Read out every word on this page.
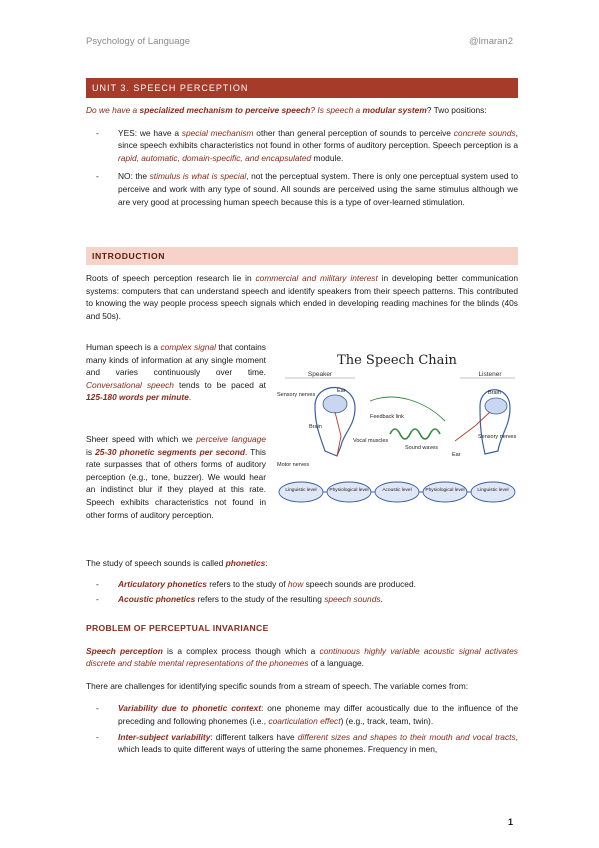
Psychology of Language	@lmaran2
UNIT 3. SPEECH PERCEPTION

Do we have a specialized mechanism to perceive speech? Is speech a modular system? Two positions:

- YES: we have a special mechanism other than general perception of sounds to perceive concrete sounds, since speech exhibits characteristics not found in other forms of auditory perception. Speech perception is a rapid, automatic, domain-specific, and encapsulated module.
- NO: the stimulus is what is special, not the perceptual system. There is only one perceptual system used to perceive and work with any type of sound. All sounds are perceived using the same stimulus although we are very good at processing human speech because this is a type of over-learned stimulation.
INTRODUCTION
Roots of speech perception research lie in commercial and military interest in developing better communication systems: computers that can understand speech and identify speakers from their speech patterns. This contributed to knowing the way people process speech signals which ended in developing reading machines for the blinds (40s and 50s).
Human speech is a complex signal that contains many kinds of information at any single moment and varies continuously over time. Conversational speech tends to be paced at 125-180 words per minute.
Sheer speed with which we perceive language is 25-30 phonetic segments per second. This rate surpasses that of others forms of auditory perception (e.g., tone, buzzer). We would hear an indistinct blur if they played at this rate. Speech exhibits characteristics not found in other forms of auditory perception.
The Speech Chain
Speaker	Listener
Ear
Sensory nerves
Brain
Feedback link
Vocal muscles
Motor nerves
Sound waves
Ear
Brain
Sensory nerves
Linguistic level	Physiological level	Acoustic level	Physiological level	Linguistic level

The study of speech sounds is called phonetics:

- Articulatory phonetics refers to the study of how speech sounds are produced.
- Acoustic phonetics refers to the study of the resulting speech sounds.

PROBLEM OF PERCEPTUAL INVARIANCE

Speech perception is a complex process though which a continuous highly variable acoustic signal activates discrete and stable mental representations of the phonemes of a language.

There are challenges for identifying specific sounds from a stream of speech. The variable comes from:

- Variability due to phonetic context: one phoneme may differ acoustically due to the influence of the preceding and following phonemes (i.e., coarticulation effect) (e.g., track, team, twin).
- Inter-subject variability: different talkers have different sizes and shapes to their mouth and vocal tracts, which leads to quite different ways of uttering the same phonemes. Frequency in men,
1
